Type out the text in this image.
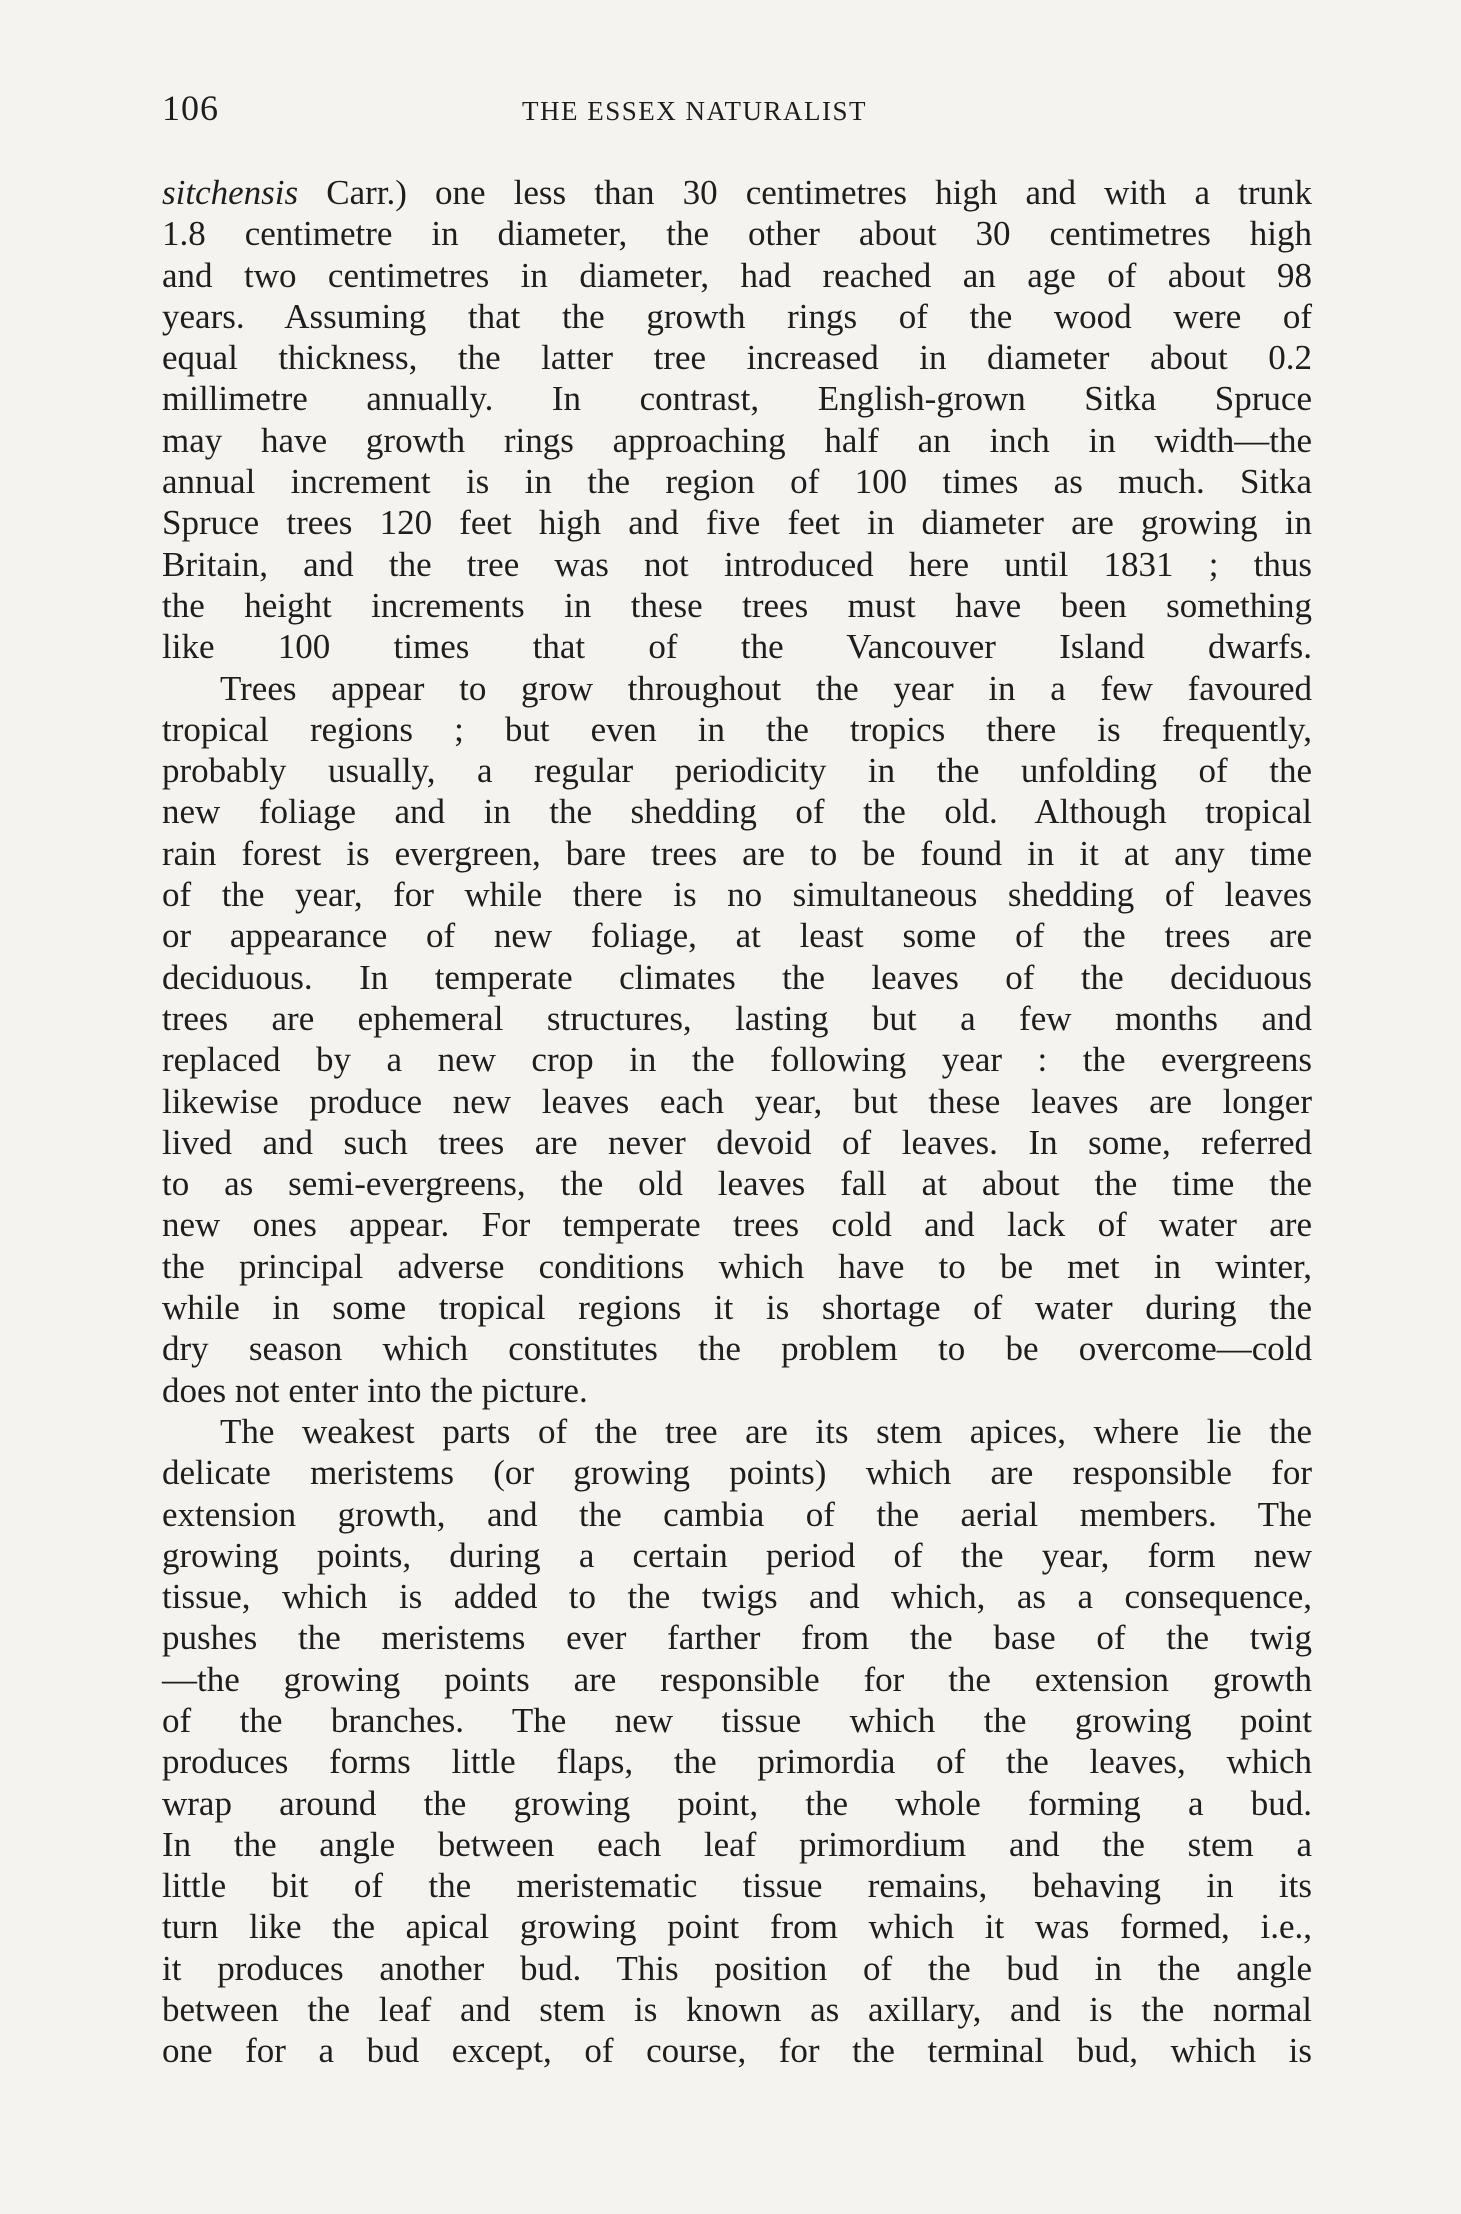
106	THE ESSEX NATURALIST
sitchensis Carr.) one less than 30 centimetres high and with a trunk
1.8 centimetre in diameter, the other about 30 centimetres high
and two centimetres in diameter, had reached an age of about 98
years. Assuming that the growth rings of the wood were of
equal thickness, the latter tree increased in diameter about 0.2
millimetre annually. In contrast, English-grown Sitka Spruce
may have growth rings approaching half an inch in width—the
annual increment is in the region of 100 times as much. Sitka
Spruce trees 120 feet high and five feet in diameter are growing in
Britain, and the tree was not introduced here until 1831 ; thus
the height increments in these trees must have been something
like 100 times that of the Vancouver Island dwarfs.
Trees appear to grow throughout the year in a few favoured
tropical regions ; but even in the tropics there is frequently,
probably usually, a regular periodicity in the unfolding of the
new foliage and in the shedding of the old. Although tropical
rain forest is evergreen, bare trees are to be found in it at any time
of the year, for while there is no simultaneous shedding of leaves
or appearance of new foliage, at least some of the trees are
deciduous. In temperate climates the leaves of the deciduous
trees are ephemeral structures, lasting but a few months and
replaced by a new crop in the following year : the evergreens
likewise produce new leaves each year, but these leaves are longer
lived and such trees are never devoid of leaves. In some, referred
to as semi-evergreens, the old leaves fall at about the time the
new ones appear. For temperate trees cold and lack of water are
the principal adverse conditions which have to be met in winter,
while in some tropical regions it is shortage of water during the
dry season which constitutes the problem to be overcome—cold
does not enter into the picture.
The weakest parts of the tree are its stem apices, where lie the
delicate meristems (or growing points) which are responsible for
extension growth, and the cambia of the aerial members. The
growing points, during a certain period of the year, form new
tissue, which is added to the twigs and which, as a consequence,
pushes the meristems ever farther from the base of the twig
—the growing points are responsible for the extension growth
of the branches. The new tissue which the growing point
produces forms little flaps, the primordia of the leaves, which
wrap around the growing point, the whole forming a bud.
In the angle between each leaf primordium and the stem a
little bit of the meristematic tissue remains, behaving in its
turn like the apical growing point from which it was formed, i.e.,
it produces another bud. This position of the bud in the angle
between the leaf and stem is known as axillary, and is the normal
one for a bud except, of course, for the terminal bud, which is
